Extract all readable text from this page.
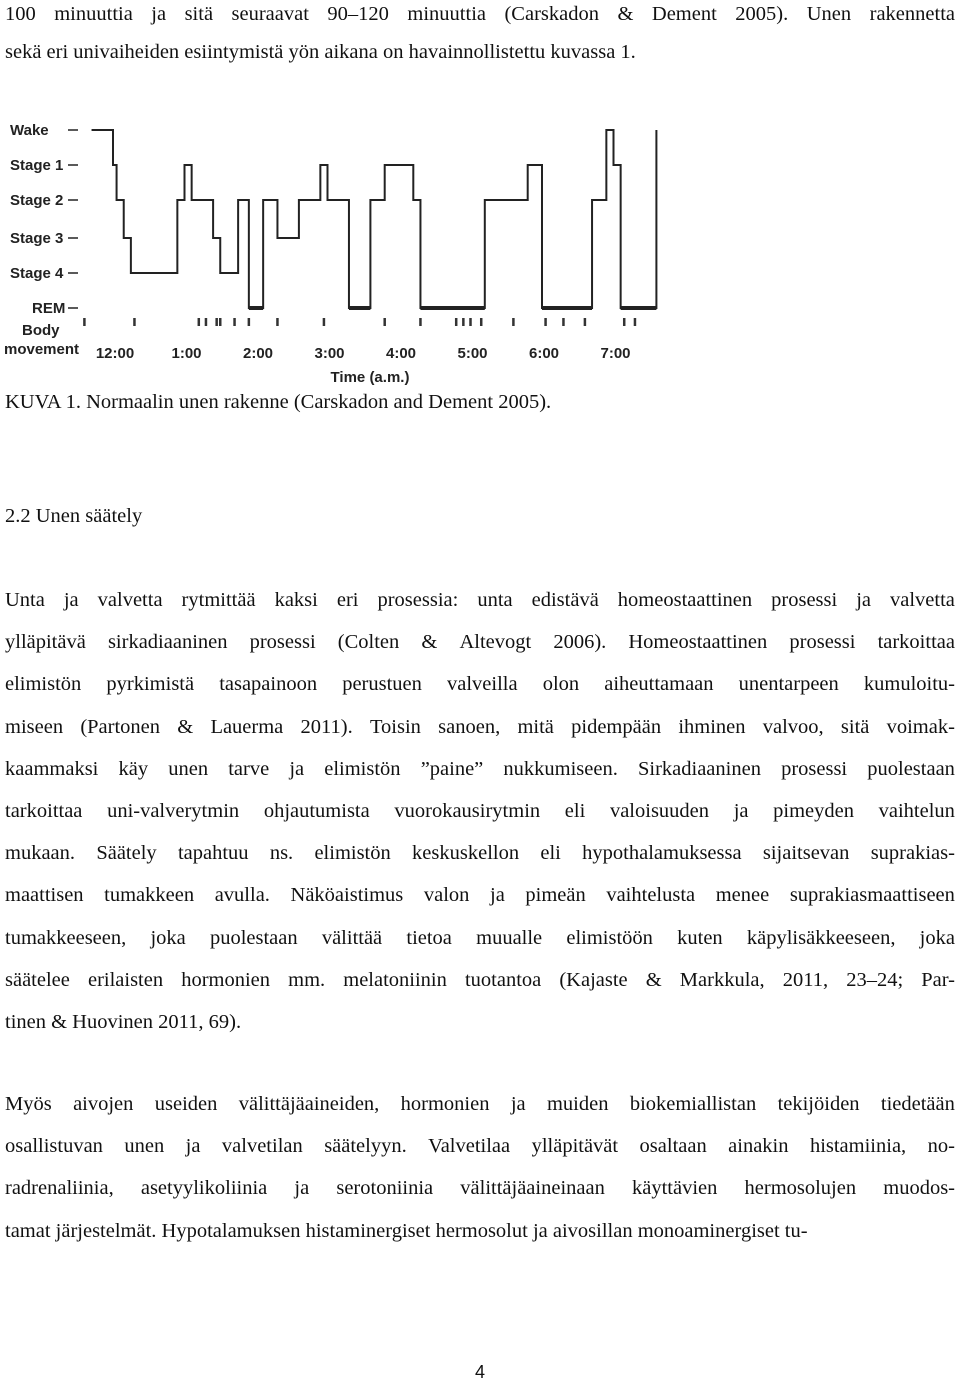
100 minuuttia ja sitä seuraavat 90–120 minuuttia (Carskadon & Dement 2005). Unen rakennetta
sekä eri univaiheiden esiintymistä yön aikana on havainnollistettu kuvassa 1.
Wake
Stage 1
Stage 2
Stage 3
Stage 4
REM
12:00 1:00	2:00	3:00	4:00	5:00	6:00	7:00
Time (a.m.)
Body
movement
KUVA 1. Normaalin unen rakenne (Carskadon and Dement 2005).
2.2 Unen säätely
Unta ja valvetta rytmittää kaksi eri prosessia: unta edistävä homeostaattinen prosessi ja valvetta
ylläpitävä sirkadiaaninen prosessi (Colten & Altevogt 2006). Homeostaattinen prosessi tarkoittaa
elimistön pyrkimistä tasapainoon perustuen valveilla olon aiheuttamaan unentarpeen kumuloitu-
miseen (Partonen & Lauerma 2011). Toisin sanoen, mitä pidempään ihminen valvoo, sitä voimak-
kaammaksi käy unen tarve ja elimistön ”paine” nukkumiseen. Sirkadiaaninen prosessi puolestaan
tarkoittaa uni-valverytmin ohjautumista vuorokausirytmin eli valoisuuden ja pimeyden vaihtelun
mukaan. Säätely tapahtuu ns. elimistön keskuskellon eli hypothalamuksessa sijaitsevan suprakias-
maattisen tumakkeen avulla. Näköaistimus valon ja pimeän vaihtelusta menee suprakiasmaattiseen
tumakkeeseen, joka puolestaan välittää tietoa muualle elimistöön kuten käpylisäkkeeseen, joka
säätelee erilaisten hormonien mm. melatoniinin tuotantoa (Kajaste & Markkula, 2011, 23–24; Par-
tinen & Huovinen 2011, 69).
Myös aivojen useiden välittäjäaineiden, hormonien ja muiden biokemiallistan tekijöiden tiedetään
osallistuvan unen ja valvetilan säätelyyn. Valvetilaa ylläpitävät osaltaan ainakin histamiinia, no-
radrenaliinia, asetyylikoliinia ja serotoniinia välittäjäaineinaan käyttävien hermosolujen muodos-
tamat järjestelmät. Hypotalamuksen histaminergiset hermosolut ja aivosillan monoaminergiset tu-
4
